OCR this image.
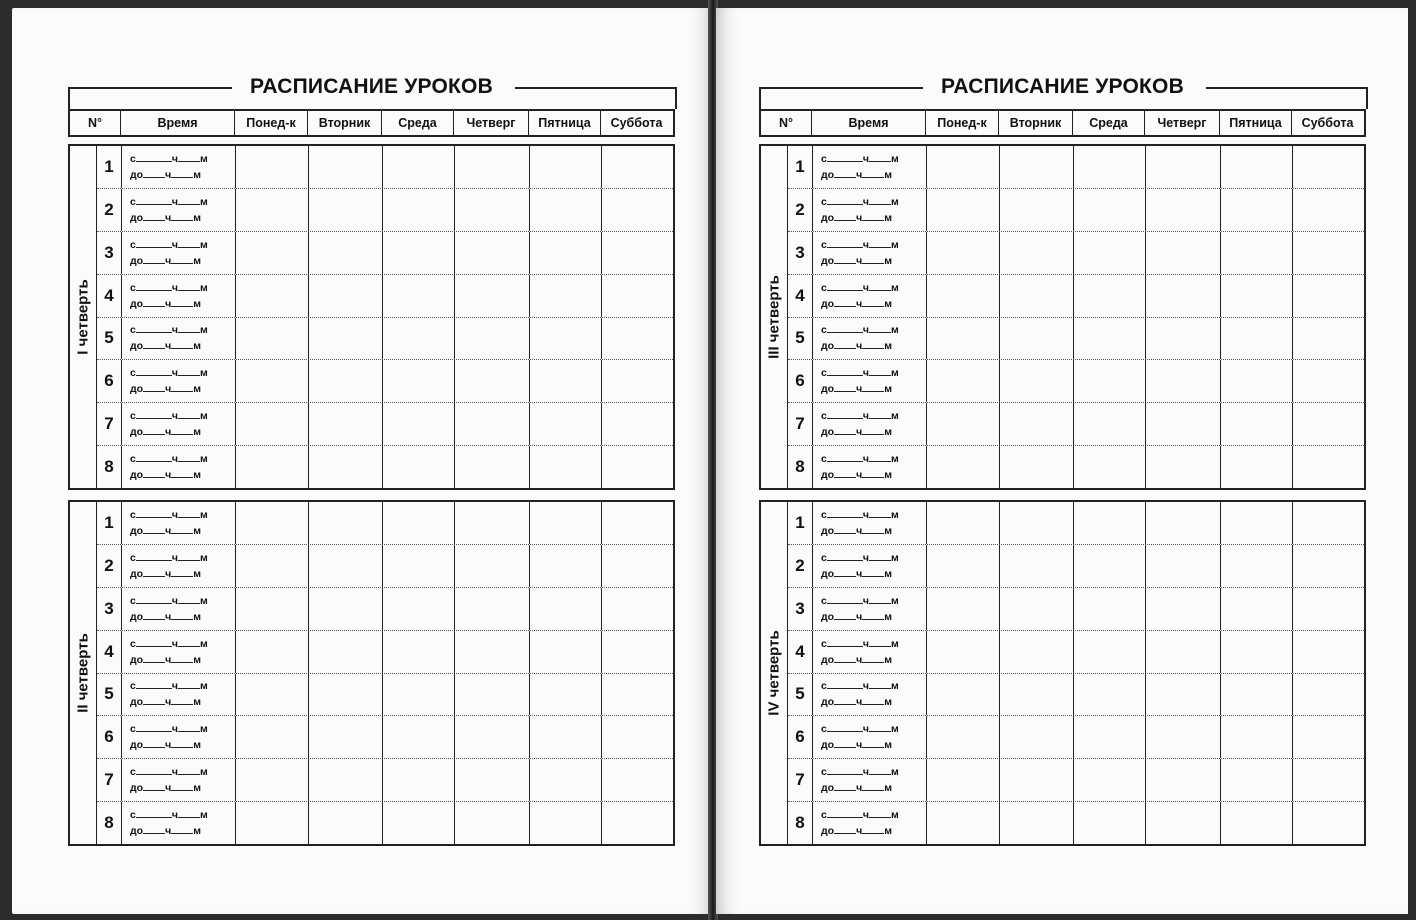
РАСПИСАНИЕ УРОКОВ
N°	Время	Понед-к	Вторник	Среда	Четверг	Пятница	Суббота
I четверть
1	с	ч м
до ч м
2	с	ч м
до ч м
3	с	ч м
до ч м
4	с	ч м
до ч м
5	с	ч м
до ч м
6	с	ч м
до ч м
7	с	ч м
до ч м
8	с	ч м
до ч м
II четверть
1	с	ч м
до ч м
2	с	ч м
до ч м
3	с	ч м
до ч м
4	с	ч м
до ч м
5	с	ч м
до ч м
6	с	ч м
до ч м
7	с	ч м
до ч м
8	с	ч м
до ч м
РАСПИСАНИЕ УРОКОВ
N°	Время	Понед-к	Вторник	Среда	Четверг	Пятница	Суббота
III четверть
1	с	ч м
до ч м
2	с	ч м
до ч м
3	с	ч м
до ч м
4	с	ч м
до ч м
5	с	ч м
до ч м
6	с	ч м
до ч м
7	с	ч м
до ч м
8	с	ч м
до ч м
IV четверть
1	с	ч м
до ч м
2	с	ч м
до ч м
3	с	ч м
до ч м
4	с	ч м
до ч м
5	с	ч м
до ч м
6	с	ч м
до ч м
7	с	ч м
до ч м
8	с	ч м
до ч м
